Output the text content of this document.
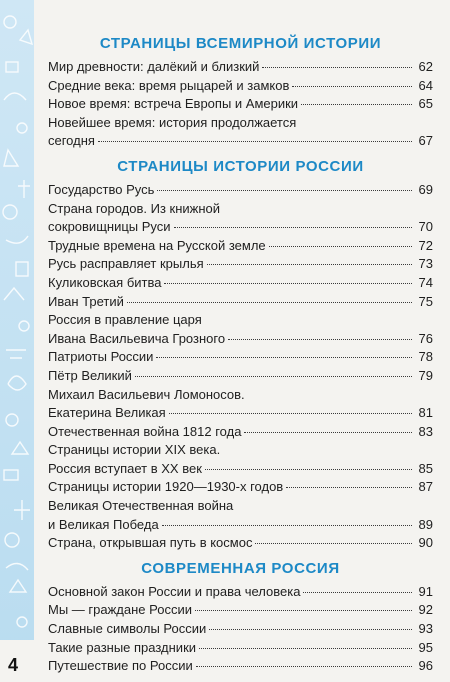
4
СТРАНИЦЫ ВСЕМИРНОЙ ИСТОРИИ
Мир древности: далёкий и близкий	62
Средние века: время рыцарей и замков	64
Новое время: встреча Европы и Америки	65
Новейшее время: история продолжается
сегодня	67
СТРАНИЦЫ ИСТОРИИ РОССИИ
Государство Русь	69
Страна городов. Из книжной
сокровищницы Руси	70
Трудные времена на Русской земле	72
Русь расправляет крылья	73
Куликовская битва	74
Иван Третий	75
Россия в правление царя
Ивана Васильевича Грозного	76
Патриоты России	78
Пётр Великий	79
Михаил Васильевич Ломоносов.
Екатерина Великая	81
Отечественная война 1812 года	83
Страницы истории XIX века.
Россия вступает в XX век	85
Страницы истории 1920—1930-х годов	87
Великая Отечественная война
и Великая Победа	89
Страна, открывшая путь в космос	90
СОВРЕМЕННАЯ РОССИЯ
Основной закон России и права человека	91
Мы — граждане России	92
Славные символы России	93
Такие разные праздники	95
Путешествие по России	96
